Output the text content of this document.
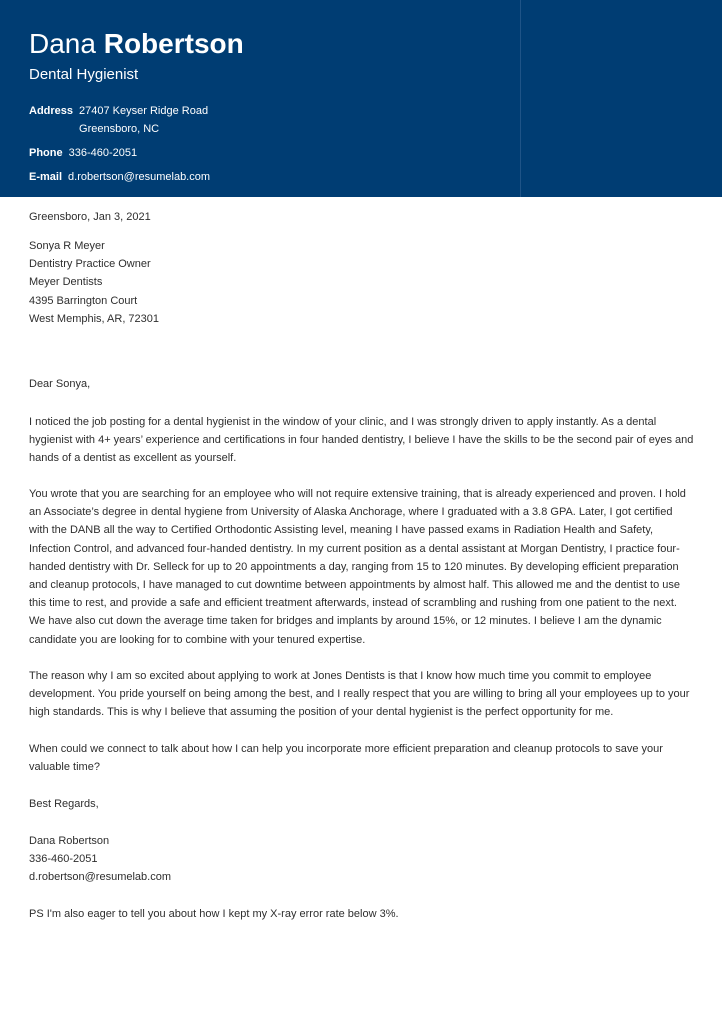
Dana Robertson
Dental Hygienist
Address 27407 Keyser Ridge Road
Greensboro, NC
Phone 336-460-2051
E-mail d.robertson@resumelab.com
Greensboro, Jan 3, 2021
Sonya R Meyer
Dentistry Practice Owner
Meyer Dentists
4395 Barrington Court
West Memphis, AR, 72301
Dear Sonya,

I noticed the job posting for a dental hygienist in the window of your clinic, and I was strongly driven to apply instantly. As a dental hygienist with 4+ years’ experience and certifications in four handed dentistry, I believe I have the skills to be the second pair of eyes and hands of a dentist as excellent as yourself.

You wrote that you are searching for an employee who will not require extensive training, that is already experienced and proven. I hold an Associate’s degree in dental hygiene from University of Alaska Anchorage, where I graduated with a 3.8 GPA. Later, I got certified with the DANB all the way to Certified Orthodontic Assisting level, meaning I have passed exams in Radiation Health and Safety, Infection Control, and advanced four-handed dentistry. In my current position as a dental assistant at Morgan Dentistry, I practice four-handed dentistry with Dr. Selleck for up to 20 appointments a day, ranging from 15 to 120 minutes. By developing efficient preparation and cleanup protocols, I have managed to cut downtime between appointments by almost half. This allowed me and the dentist to use this time to rest, and provide a safe and efficient treatment afterwards, instead of scrambling and rushing from one patient to the next. We have also cut down the average time taken for bridges and implants by around 15%, or 12 minutes. I believe I am the dynamic candidate you are looking for to combine with your tenured expertise.

The reason why I am so excited about applying to work at Jones Dentists is that I know how much time you commit to employee development. You pride yourself on being among the best, and I really respect that you are willing to bring all your employees up to your high standards. This is why I believe that assuming the position of your dental hygienist is the perfect opportunity for me.

When could we connect to talk about how I can help you incorporate more efficient preparation and cleanup protocols to save your valuable time?

Best Regards,
Dana Robertson
336-460-2051
d.robertson@resumelab.com
PS I'm also eager to tell you about how I kept my X-ray error rate below 3%.
